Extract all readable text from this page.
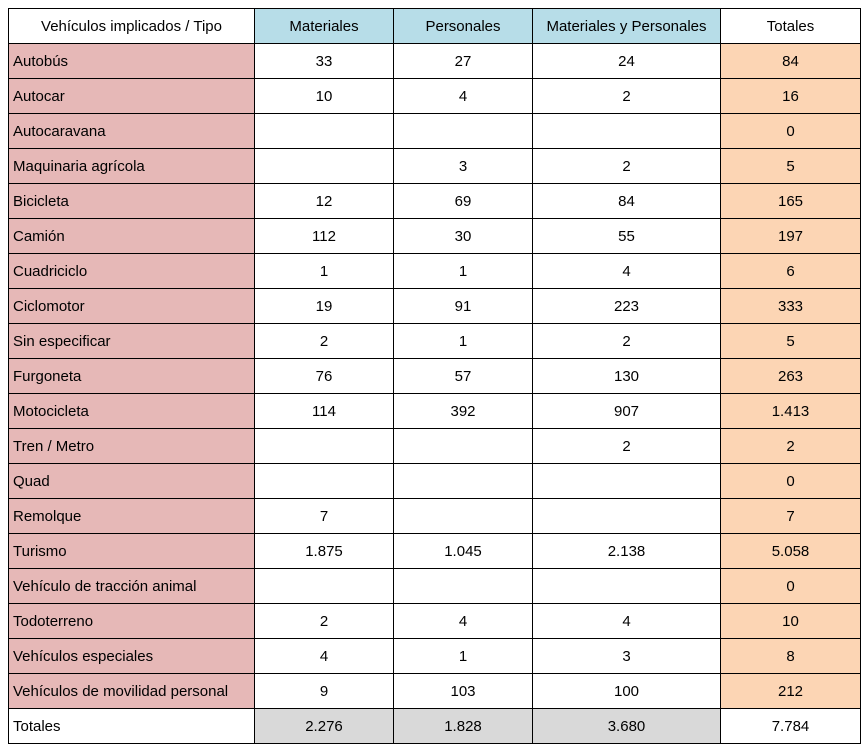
Vehículos implicados / Tipo	Materiales	Personales	Materiales y Personales	Totales
Autobús	33	27	24	84
Autocar	10	4	2	16
Autocaravana				0
Maquinaria agrícola		3	2	5
Bicicleta	12	69	84	165
Camión	112	30	55	197
Cuadriciclo	1	1	4	6
Ciclomotor	19	91	223	333
Sin especificar	2	1	2	5
Furgoneta	76	57	130	263
Motocicleta	114	392	907	1.413
Tren / Metro			2	2
Quad				0
Remolque	7			7
Turismo	1.875	1.045	2.138	5.058
Vehículo de tracción animal				0
Todoterreno	2	4	4	10
Vehículos especiales	4	1	3	8
Vehículos de movilidad personal	9	103	100	212
Totales	2.276	1.828	3.680	7.784
